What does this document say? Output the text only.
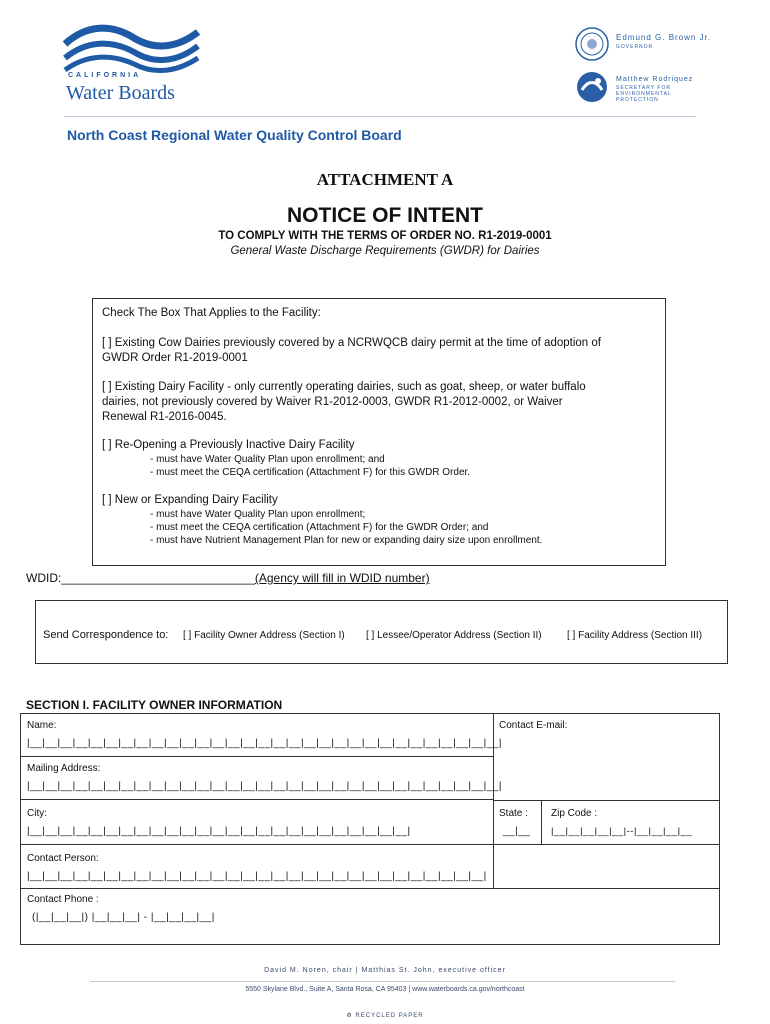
CALIFORNIA
Water Boards
Edmund G. Brown Jr.
GOVERNOR
Matthew Rodriquez
SECRETARY FOR ENVIRONMENTAL PROTECTION
North Coast Regional Water Quality Control Board
ATTACHMENT A
NOTICE OF INTENT
TO COMPLY WITH THE TERMS OF ORDER NO. R1-2019-0001
General Waste Discharge Requirements (GWDR) for Dairies
Check The Box That Applies to the Facility:
[ ] Existing Cow Dairies previously covered by a NCRWQCB dairy permit at the time of adoption of
GWDR Order R1-2019-0001
[ ] Existing Dairy Facility - only currently operating dairies, such as goat, sheep, or water buffalo
dairies, not previously covered by Waiver R1-2012-0003, GWDR R1-2012-0002, or Waiver
Renewal R1-2016-0045.
[ ] Re-Opening a Previously Inactive Dairy Facility
- must have Water Quality Plan upon enrollment; and
- must meet the CEQA certification (Attachment F) for this GWDR Order.
[ ] New or Expanding Dairy Facility
- must have Water Quality Plan upon enrollment;
- must meet the CEQA certification (Attachment F) for the GWDR Order; and
- must have Nutrient Management Plan for new or expanding dairy size upon enrollment.
WDID:_____________________________(Agency will fill in WDID number)
Send Correspondence to: [ ] Facility Owner Address (Section I) [ ] Lessee/Operator Address (Section II)	[ ] Facility Address (Section III)
SECTION I. FACILITY OWNER INFORMATION
Name:	Contact E-mail:
|__|__|__|__|__|__|__|__|__|__|__|__|__|__|__|__|__|__|__|__|__|__|__|__|__|__|__|__|__|__|__|
Mailing Address:
|__|__|__|__|__|__|__|__|__|__|__|__|__|__|__|__|__|__|__|__|__|__|__|__|__|__|__|__|__|__|__|
City:
|__|__|__|__|__|__|__|__|__|__|__|__|__|__|__|__|__|__|__|__|__|__|__|__|__|
State :
__|__
Zip Code :
|__|__|__|__|__|--|__|__|__|__
Contact Person:
|__|__|__|__|__|__|__|__|__|__|__|__|__|__|__|__|__|__|__|__|__|__|__|__|__|__|__|__|__|__|
Contact Phone :
(|__|__|__|) |__|__|__| - |__|__|__|__|
David M. Noren, chair | Matthias St. John, executive officer
5550 Skylane Blvd., Suite A, Santa Rosa, CA 95403 | www.waterboards.ca.gov/northcoast
♻ RECYCLED PAPER
